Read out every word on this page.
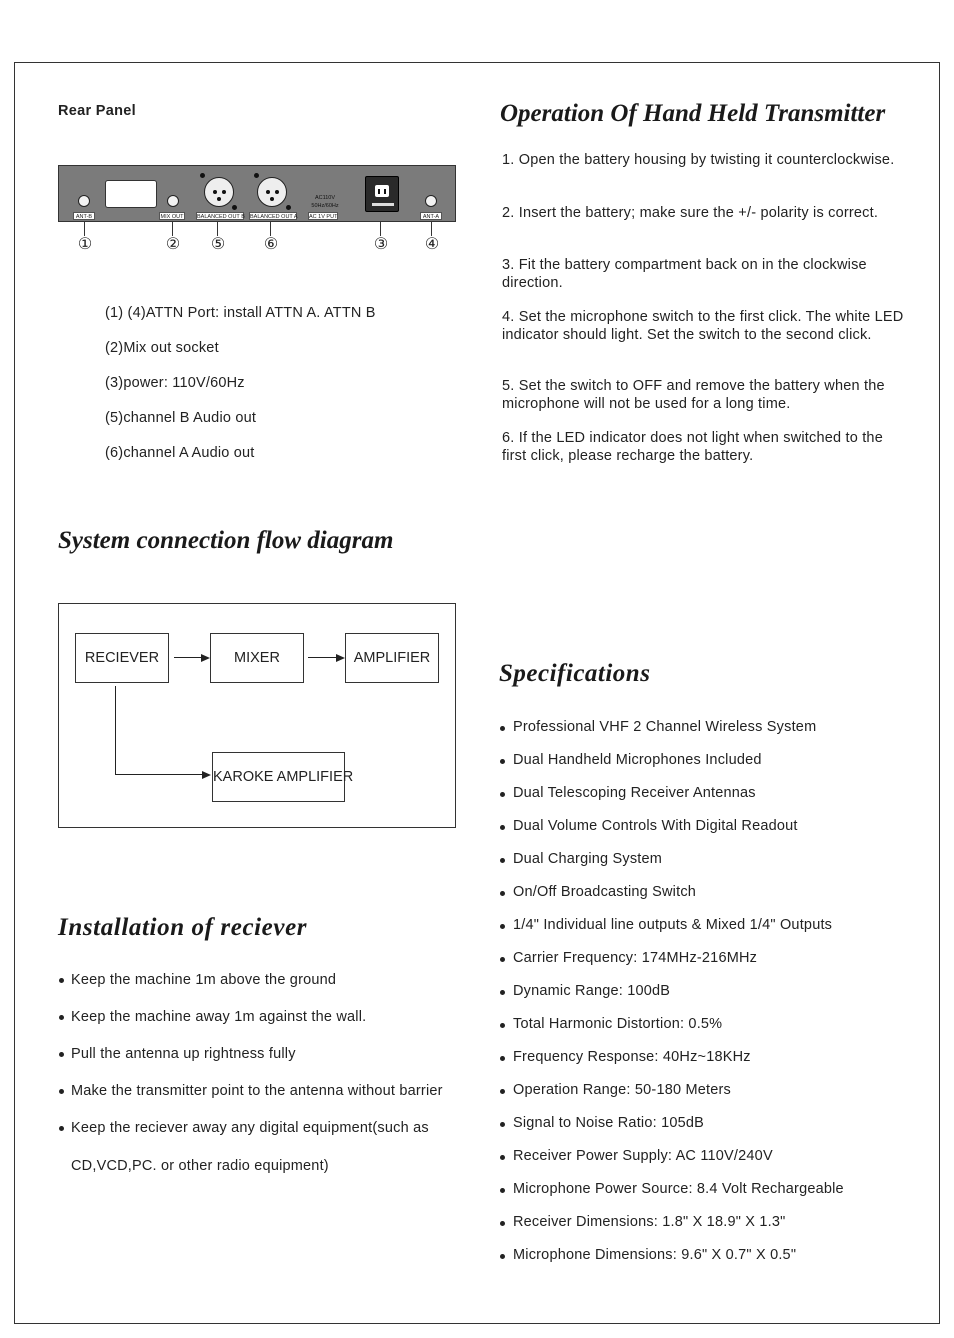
Rear Panel
AC110V
50Hz/60Hz
ANT-B	MIX OUT BALANCED OUT B BALANCED OUT A AC 1V PUT	ANT-A
①	② ⑤ ⑥	③ ④
(1) (4)ATTN Port: install ATTN A. ATTN B
(2)Mix out socket
(3)power: 110V/60Hz
(5)channel B Audio out
(6)channel A Audio out
Operation Of Hand Held Transmitter
1. Open the battery housing by twisting it counterclockwise.
2. Insert the battery; make sure the +/- polarity is correct.
3. Fit the battery compartment back on in the clockwise direction.
4. Set the microphone switch to the first click. The white LED indicator should light. Set the switch to the second click.
5. Set the switch to OFF and remove the battery when the microphone will not be used for a long time.
6. If the LED indicator does not light when switched to the first click, please recharge the battery.
System connection flow diagram
RECIEVER	MIXER	AMPLIFIER
KAROKE AMPLIFIER
Installation of reciever
Keep the machine 1m above the ground
Keep the machine away 1m against the wall.
Pull the antenna up rightness fully
Make the transmitter point to the antenna without barrier
Keep the reciever away any digital equipment(such as
CD,VCD,PC. or other radio equipment)
Specifications
Professional VHF 2 Channel Wireless System
Dual Handheld Microphones Included
Dual Telescoping Receiver Antennas
Dual Volume Controls With Digital Readout
Dual Charging System
On/Off Broadcasting Switch
1/4" Individual line outputs & Mixed 1/4" Outputs
Carrier Frequency: 174MHz-216MHz
Dynamic Range: 100dB
Total Harmonic Distortion: 0.5%
Frequency Response: 40Hz~18KHz
Operation Range: 50-180 Meters
Signal to Noise Ratio: 105dB
Receiver Power Supply: AC 110V/240V
Microphone Power Source: 8.4 Volt Rechargeable
Receiver Dimensions: 1.8" X 18.9" X 1.3"
Microphone Dimensions: 9.6" X 0.7" X 0.5"
